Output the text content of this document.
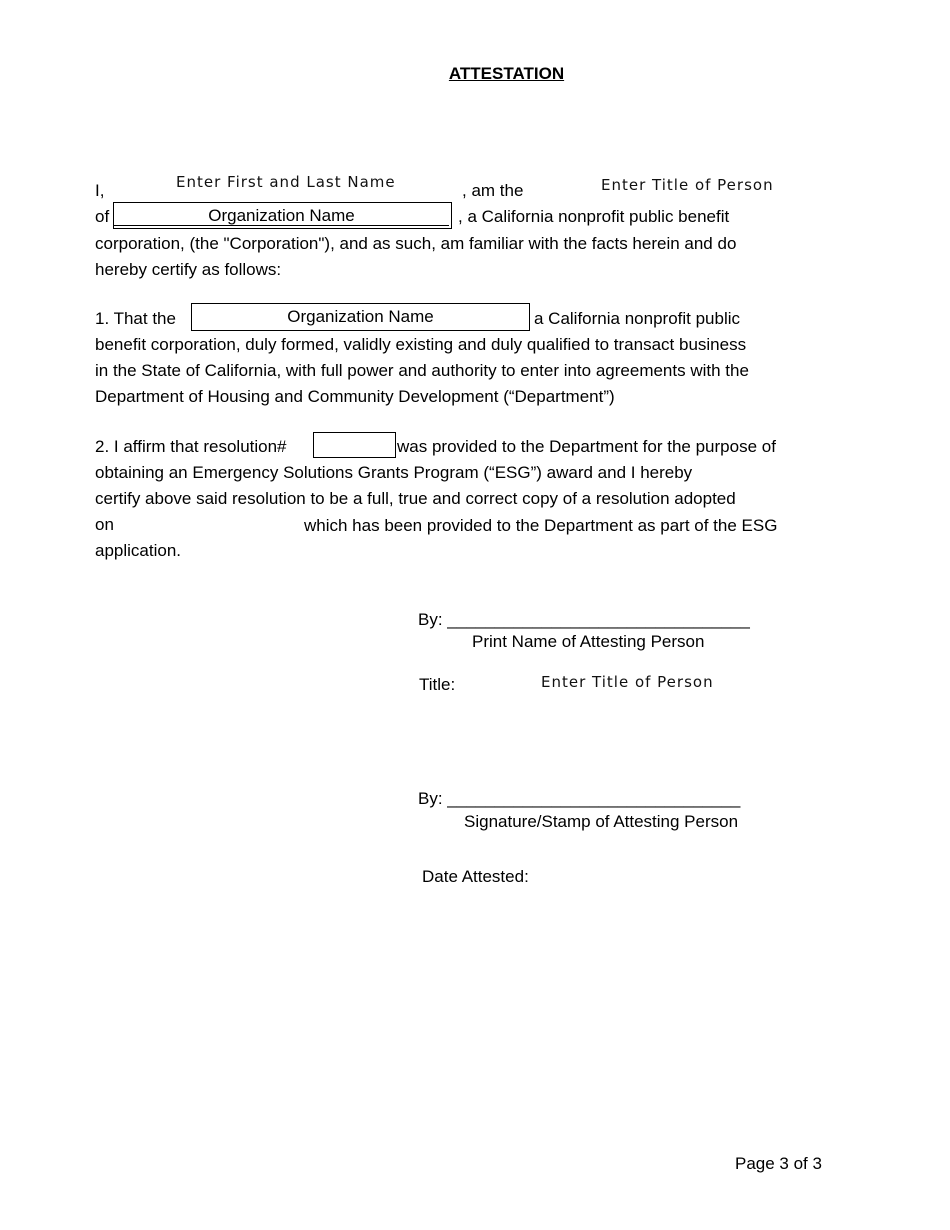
ATTESTATION
I,	Enter First and Last Name	, am the	Enter Title of Person
of	Organization Name	, a California nonprofit public benefit
corporation, (the "Corporation"), and as such, am familiar with the facts herein and do
hereby certify as follows:
1. That the	Organization Name	a California nonprofit public
benefit corporation, duly formed, validly existing and duly qualified to transact business
in the State of California, with full power and authority to enter into agreements with the
Department of Housing and Community Development (“Department”)
2. I affirm that resolution#	was provided to the Department for the purpose of
obtaining an Emergency Solutions Grants Program (“ESG”) award and I hereby
certify above said resolution to be a full, true and correct copy of a resolution adopted
on	which has been provided to the Department as part of the ESG
application.
By: ________________________________
Print Name of Attesting Person
Title:	Enter Title of Person
By: _______________________________
Signature/Stamp of Attesting Person
Date Attested:
Page 3 of 3
